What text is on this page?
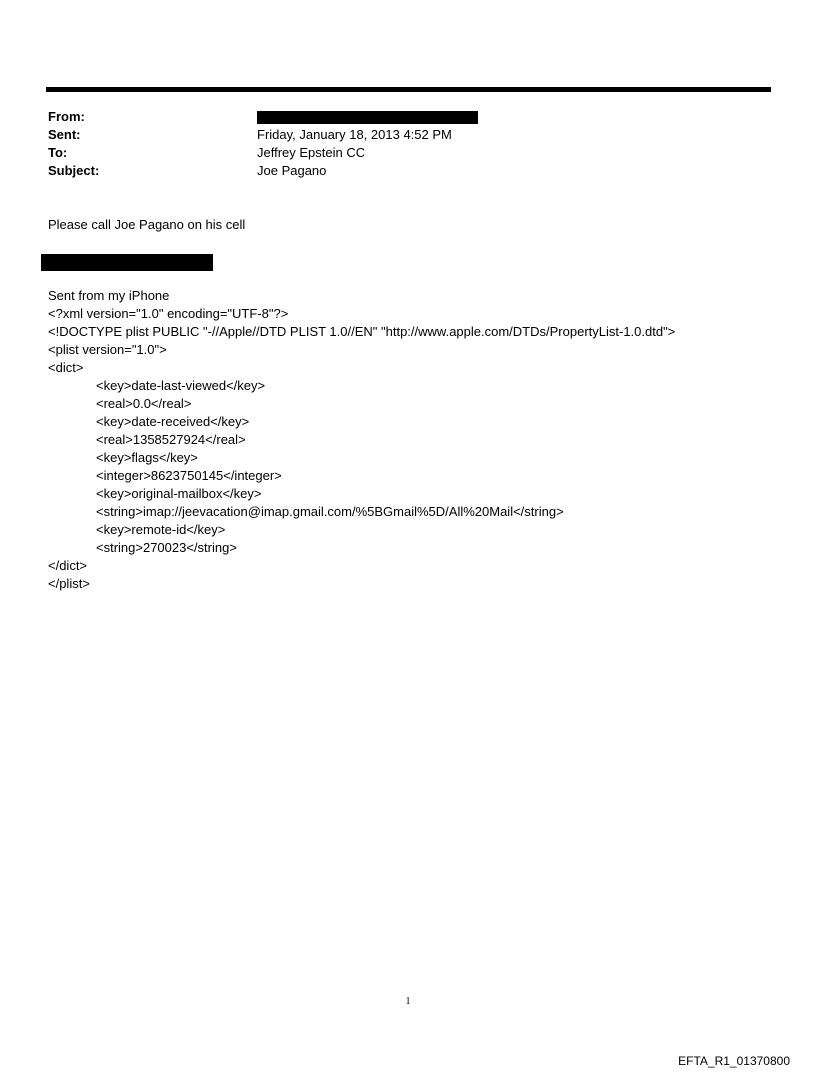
From:
Sent:	Friday, January 18, 2013 4:52 PM
To:	Jeffrey Epstein CC
Subject:	Joe Pagano
Please call Joe Pagano on his cell
Sent from my iPhone
<?xml version="1.0" encoding="UTF-8"?>
<!DOCTYPE plist PUBLIC "-//Apple//DTD PLIST 1.0//EN" "http://www.apple.com/DTDs/PropertyList-1.0.dtd">
<plist version="1.0">
<dict>
<key>date-last-viewed</key>
<real>0.0</real>
<key>date-received</key>
<real>1358527924</real>
<key>flags</key>
<integer>8623750145</integer>
<key>original-mailbox</key>
<string>imap://jeevacation@imap.gmail.com/%5BGmail%5D/All%20Mail</string>
<key>remote-id</key>
<string>270023</string>
</dict>
</plist>
1
EFTA_R1_01370800
